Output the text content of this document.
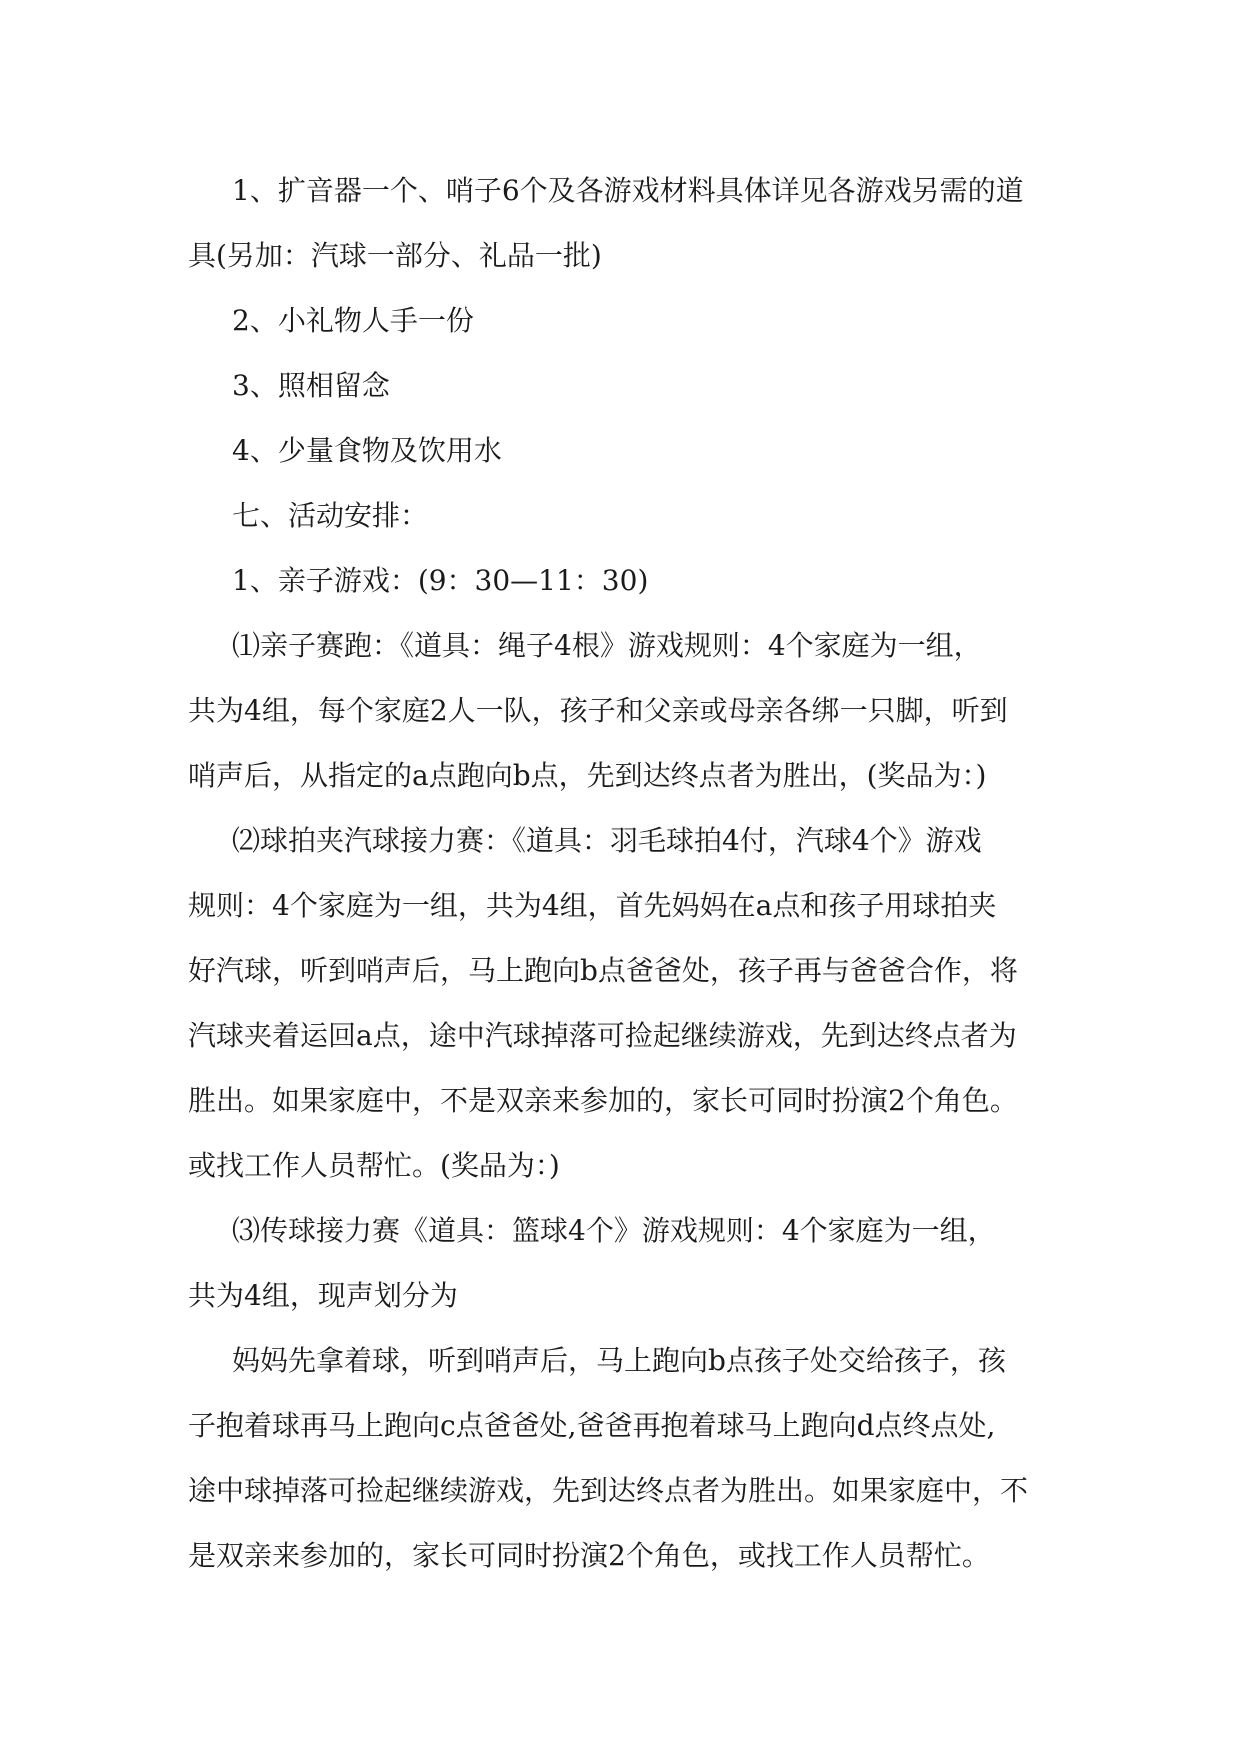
1、扩音器一个、哨子6个及各游戏材料具体详见各游戏另需的道
具(另加：汽球一部分、礼品一批)

2、小礼物人手一份

3、照相留念

4、少量食物及饮用水

七、活动安排：

1、亲子游戏：(9：30—11：30)

⑴亲子赛跑：《道具：绳子4根》游戏规则：4个家庭为一组，
共为4组，每个家庭2人一队，孩子和父亲或母亲各绑一只脚，听到
哨声后，从指定的a点跑向b点，先到达终点者为胜出，(奖品为：)

⑵球拍夹汽球接力赛：《道具：羽毛球拍4付，汽球4个》游戏
规则：4个家庭为一组，共为4组，首先妈妈在a点和孩子用球拍夹
好汽球，听到哨声后，马上跑向b点爸爸处，孩子再与爸爸合作，将
汽球夹着运回a点，途中汽球掉落可捡起继续游戏，先到达终点者为
胜出。如果家庭中，不是双亲来参加的，家长可同时扮演2个角色。
或找工作人员帮忙。(奖品为：)

⑶传球接力赛《道具：篮球4个》游戏规则：4个家庭为一组，
共为4组，现声划分为

妈妈先拿着球，听到哨声后，马上跑向b点孩子处交给孩子，孩
子抱着球再马上跑向c点爸爸处,爸爸再抱着球马上跑向d点终点处,
途中球掉落可捡起继续游戏，先到达终点者为胜出。如果家庭中，不
是双亲来参加的，家长可同时扮演2个角色，或找工作人员帮忙。
